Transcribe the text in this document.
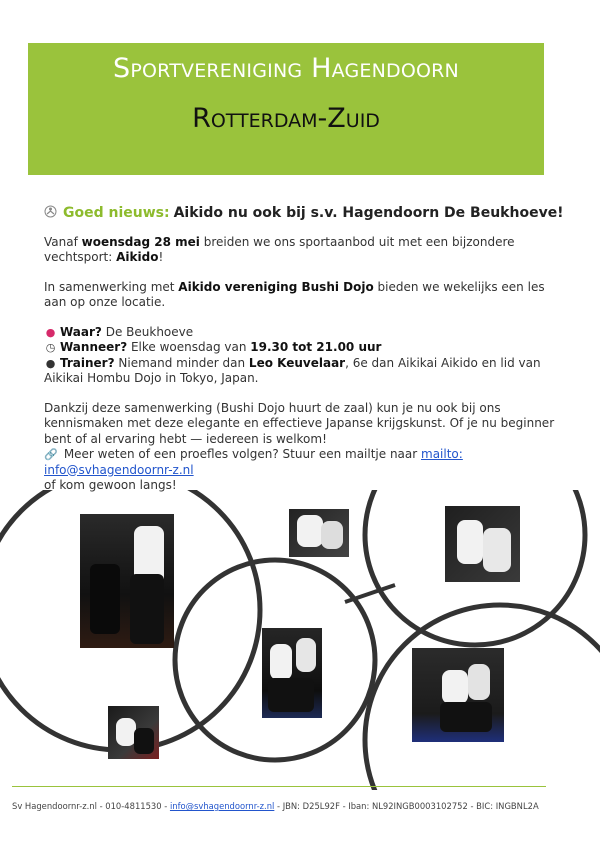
Sportvereniging Hagendoorn
Rotterdam-Zuid
Goed nieuws: Aikido nu ook bij s.v. Hagendoorn De Beukhoeve!

Vanaf woensdag 28 mei breiden we ons sportaanbod uit met een bijzondere vechtsport: Aikido!

In samenwerking met Aikido vereniging Bushi Dojo bieden we wekelijks een les aan op onze locatie.

● Waar? De Beukhoeve
◷ Wanneer? Elke woensdag van 19.30 tot 21.00 uur
● Trainer? Niemand minder dan Leo Keuvelaar, 6e dan Aikikai Aikido en lid van Aikikai Hombu Dojo in Tokyo, Japan.

Dankzij deze samenwerking (Bushi Dojo huurt de zaal) kun je nu ook bij ons kennismaken met deze elegante en effectieve Japanse krijgskunst. Of je nu beginner bent of al ervaring hebt — iedereen is welkom!
🔗 Meer weten of een proefles volgen? Stuur een mailtje naar mailto: info@svhagendoornr-z.nl
of kom gewoon langs!

Sv Hagendoornr-z.nl - 010-4811530 - info@svhagendoornr-z.nl - JBN: D25L92F - Iban: NL92INGB0003102752 - BIC: INGBNL2A
